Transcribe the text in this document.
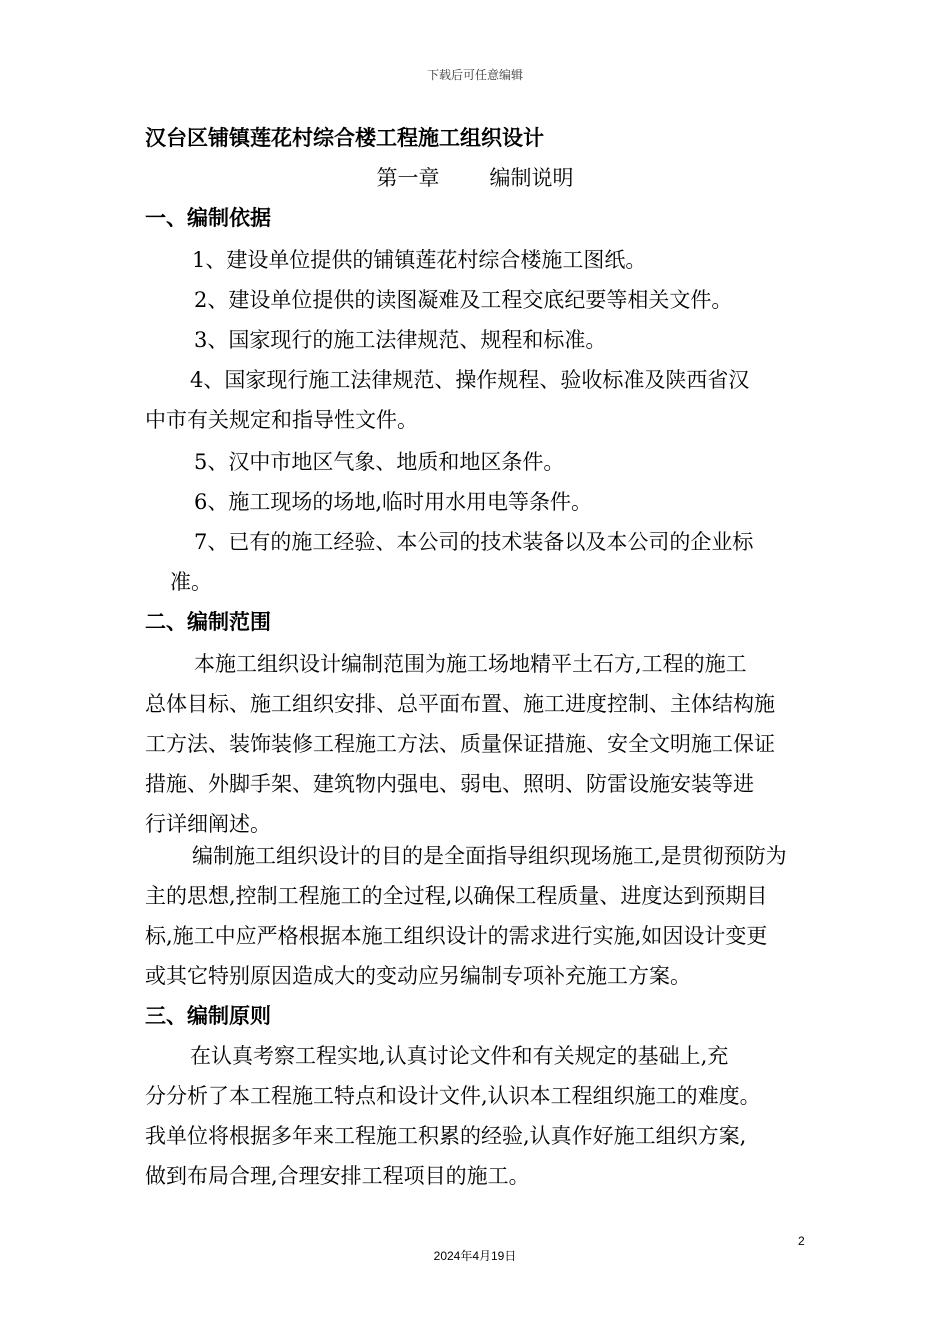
下载后可任意编辑
汉台区铺镇莲花村综合楼工程施工组织设计
第一章 编制说明
一、编制依据
1、建设单位提供的铺镇莲花村综合楼施工图纸。
2、建设单位提供的读图凝难及工程交底纪要等相关文件。
3、国家现行的施工法律规范、规程和标准。
4、国家现行施工法律规范、操作规程、验收标准及陕西省汉
中市有关规定和指导性文件。
5、汉中市地区气象、地质和地区条件。
6、施工现场的场地,临时用水用电等条件。
7、已有的施工经验、本公司的技术装备以及本公司的企业标
准。
二、编制范围
本施工组织设计编制范围为施工场地精平土石方,工程的施工
总体目标、施工组织安排、总平面布置、施工进度控制、主体结构施
工方法、装饰装修工程施工方法、质量保证措施、安全文明施工保证
措施、外脚手架、建筑物内强电、弱电、照明、防雷设施安装等进
行详细阐述。
编制施工组织设计的目的是全面指导组织现场施工,是贯彻预防为
主的思想,控制工程施工的全过程,以确保工程质量、进度达到预期目
标,施工中应严格根据本施工组织设计的需求进行实施,如因设计变更
或其它特别原因造成大的变动应另编制专项补充施工方案。
三、编制原则
在认真考察工程实地,认真讨论文件和有关规定的基础上,充
分分析了本工程施工特点和设计文件,认识本工程组织施工的难度。
我单位将根据多年来工程施工积累的经验,认真作好施工组织方案,
做到布局合理,合理安排工程项目的施工。
2
2024年4月19日
